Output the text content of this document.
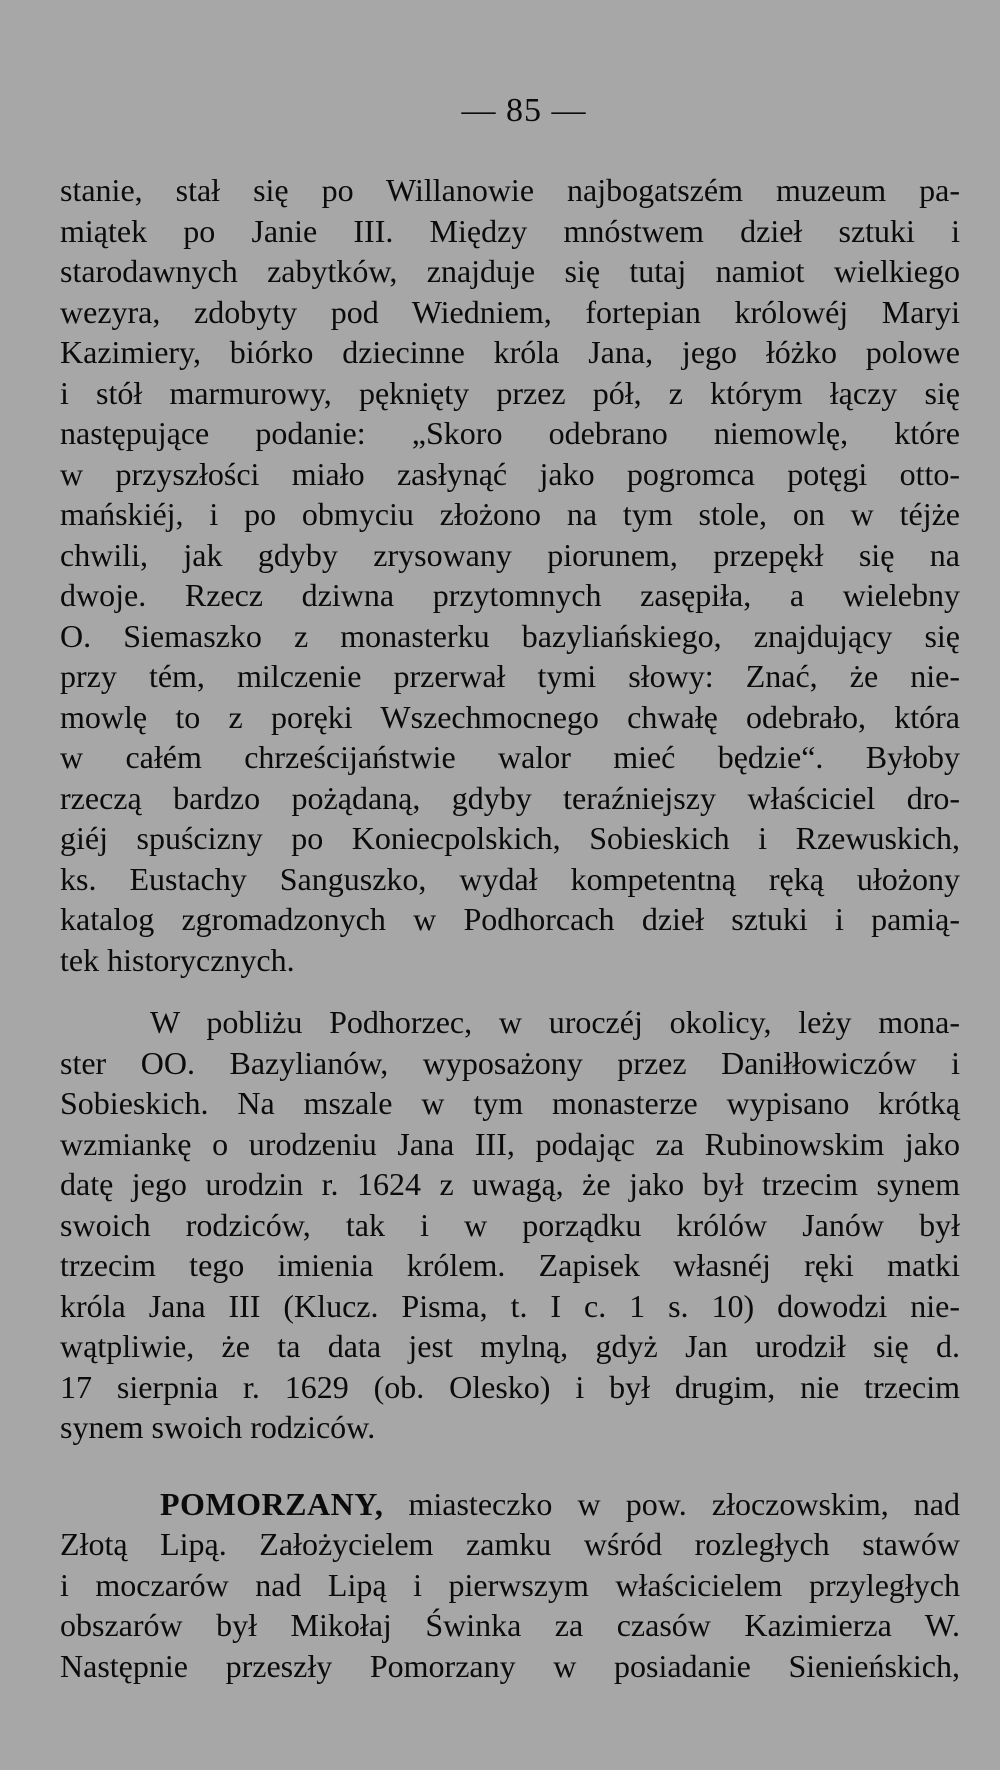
— 85 —
stanie, stał się po Willanowie najbogatszém muzeum pa-
miątek po Janie III. Między mnóstwem dzieł sztuki i
starodawnych zabytków, znajduje się tutaj namiot wielkiego
wezyra, zdobyty pod Wiedniem, fortepian królowéj Maryi
Kazimiery, biórko dziecinne króla Jana, jego łóżko polowe
i stół marmurowy, pęknięty przez pół, z którym łączy się
następujące podanie: „Skoro odebrano niemowlę, które
w przyszłości miało zasłynąć jako pogromca potęgi otto-
mańskiéj, i po obmyciu złożono na tym stole, on w téjże
chwili, jak gdyby zrysowany piorunem, przepękł się na
dwoje. Rzecz dziwna przytomnych zasępiła, a wielebny
O. Siemaszko z monasterku bazyliańskiego, znajdujący się
przy tém, milczenie przerwał tymi słowy: Znać, że nie-
mowlę to z poręki Wszechmocnego chwałę odebrało, która
w całém chrześcijaństwie walor mieć będzie“. Byłoby
rzeczą bardzo pożądaną, gdyby teraźniejszy właściciel dro-
giéj spuścizny po Koniecpolskich, Sobieskich i Rzewuskich,
ks. Eustachy Sanguszko, wydał kompetentną ręką ułożony
katalog zgromadzonych w Podhorcach dzieł sztuki i pamią-
tek historycznych.
W pobliżu Podhorzec, w uroczéj okolicy, leży mona-
ster OO. Bazylianów, wyposażony przez Daniłłowiczów i
Sobieskich. Na mszale w tym monasterze wypisano krótką
wzmiankę o urodzeniu Jana III, podając za Rubinowskim jako
datę jego urodzin r. 1624 z uwagą, że jako był trzecim synem
swoich rodziców, tak i w porządku królów Janów był
trzecim tego imienia królem. Zapisek własnéj ręki matki
króla Jana III (Klucz. Pisma, t. I c. 1 s. 10) dowodzi nie-
wątpliwie, że ta data jest mylną, gdyż Jan urodził się d.
17 sierpnia r. 1629 (ob. Olesko) i był drugim, nie trzecim
synem swoich rodziców.
POMORZANY, miasteczko w pow. złoczowskim, nad
Złotą Lipą. Założycielem zamku wśród rozległych stawów
i moczarów nad Lipą i pierwszym właścicielem przyległych
obszarów był Mikołaj Świnka za czasów Kazimierza W.
Następnie przeszły Pomorzany w posiadanie Sienieńskich,
